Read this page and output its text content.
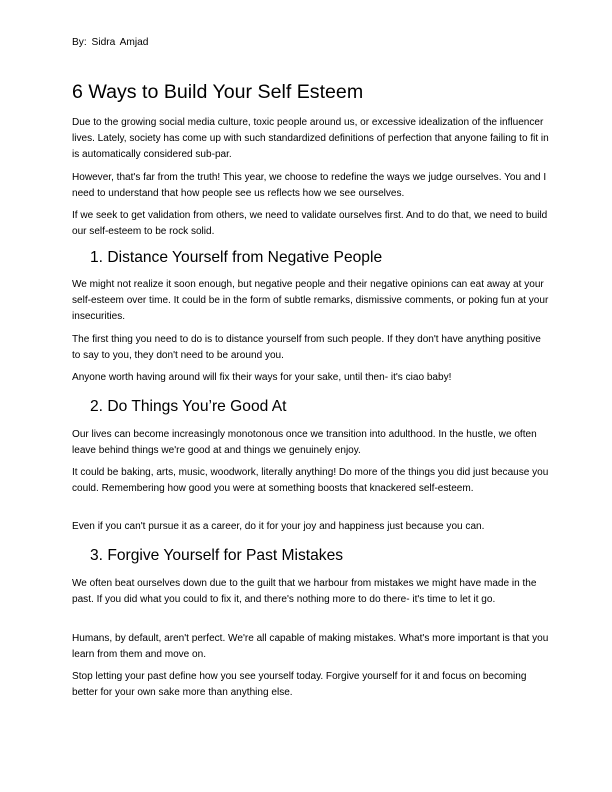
By: Sidra Amjad
6 Ways to Build Your Self Esteem

Due to the growing social media culture, toxic people around us, or excessive idealization of the influencer lives. Lately, society has come up with such standardized definitions of perfection that anyone failing to fit in is automatically considered sub-par.

However, that's far from the truth! This year, we choose to redefine the ways we judge ourselves. You and I need to understand that how people see us reflects how we see ourselves.

If we seek to get validation from others, we need to validate ourselves first. And to do that, we need to build our self-esteem to be rock solid.

1. Distance Yourself from Negative People

We might not realize it soon enough, but negative people and their negative opinions can eat away at your self-esteem over time. It could be in the form of subtle remarks, dismissive comments, or poking fun at your insecurities.

The first thing you need to do is to distance yourself from such people. If they don't have anything positive to say to you, they don't need to be around you.

Anyone worth having around will fix their ways for your sake, until then- it's ciao baby!

2. Do Things You’re Good At

Our lives can become increasingly monotonous once we transition into adulthood. In the hustle, we often leave behind things we're good at and things we genuinely enjoy.

It could be baking, arts, music, woodwork, literally anything! Do more of the things you did just because you could. Remembering how good you were at something boosts that knackered self-esteem.

Even if you can't pursue it as a career, do it for your joy and happiness just because you can.

3. Forgive Yourself for Past Mistakes

We often beat ourselves down due to the guilt that we harbour from mistakes we might have made in the past. If you did what you could to fix it, and there's nothing more to do there- it's time to let it go.

Humans, by default, aren't perfect. We're all capable of making mistakes. What's more important is that you learn from them and move on.

Stop letting your past define how you see yourself today. Forgive yourself for it and focus on becoming better for your own sake more than anything else.
